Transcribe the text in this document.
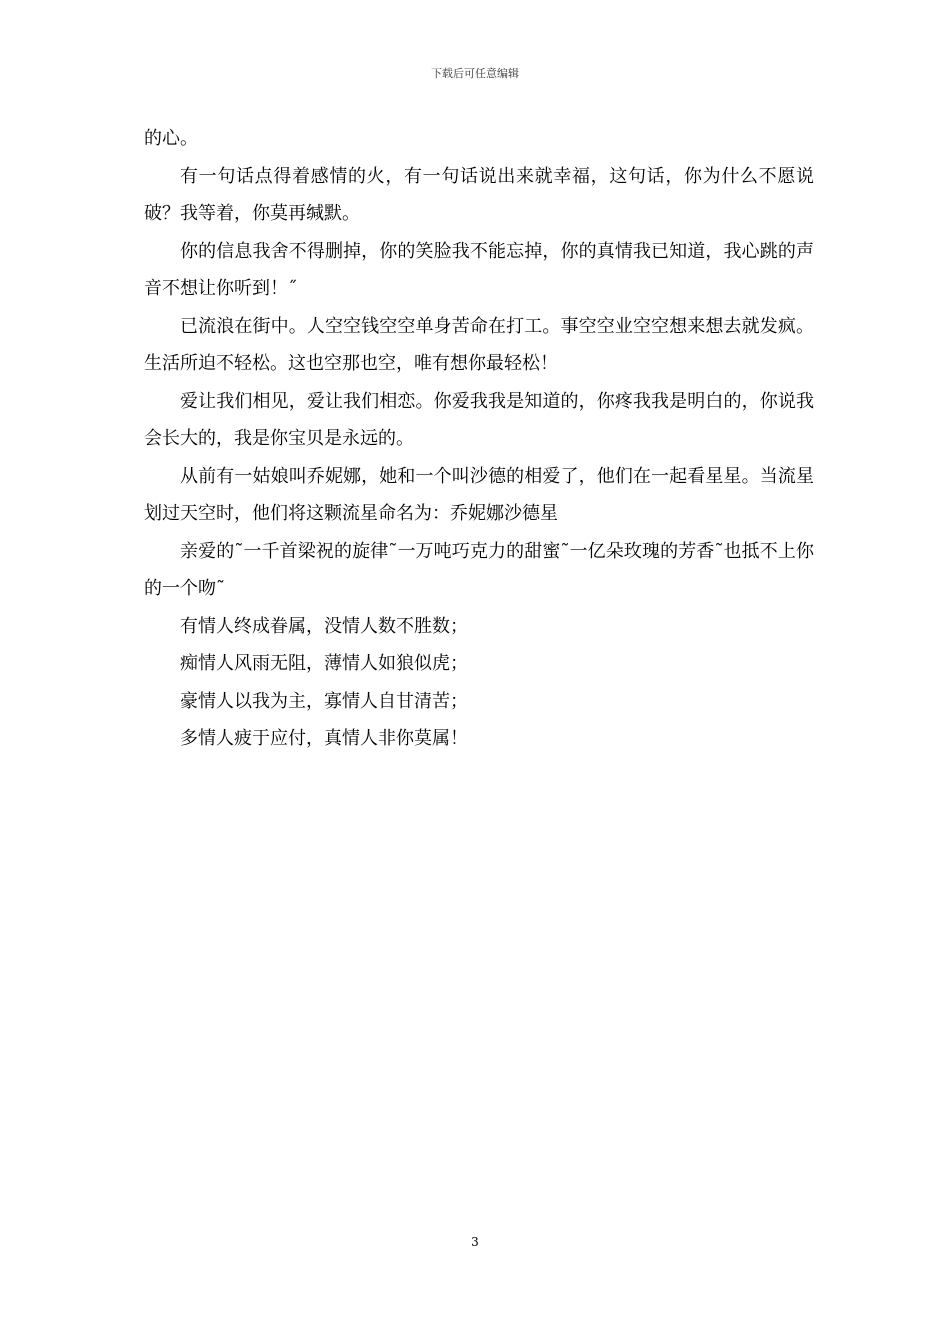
下载后可任意编辑

的心。

有一句话点得着感情的火，有一句话说出来就幸福，这句话，你为什么不愿说破？我等着，你莫再缄默。

你的信息我舍不得删掉，你的笑脸我不能忘掉，你的真情我已知道，我心跳的声音不想让你听到！˝

已流浪在街中。人空空钱空空单身苦命在打工。事空空业空空想来想去就发疯。生活所迫不轻松。这也空那也空，唯有想你最轻松！

爱让我们相见，爱让我们相恋。你爱我我是知道的，你疼我我是明白的，你说我会长大的，我是你宝贝是永远的。

从前有一姑娘叫乔妮娜，她和一个叫沙德的相爱了，他们在一起看星星。当流星划过天空时，他们将这颗流星命名为：乔妮娜沙德星

亲爱的˜一千首梁祝的旋律˜一万吨巧克力的甜蜜˜一亿朵玫瑰的芳香˜也抵不上你的一个吻˜

有情人终成眷属，没情人数不胜数；

痴情人风雨无阻，薄情人如狼似虎；

豪情人以我为主，寡情人自甘清苦；

多情人疲于应付，真情人非你莫属！

3
